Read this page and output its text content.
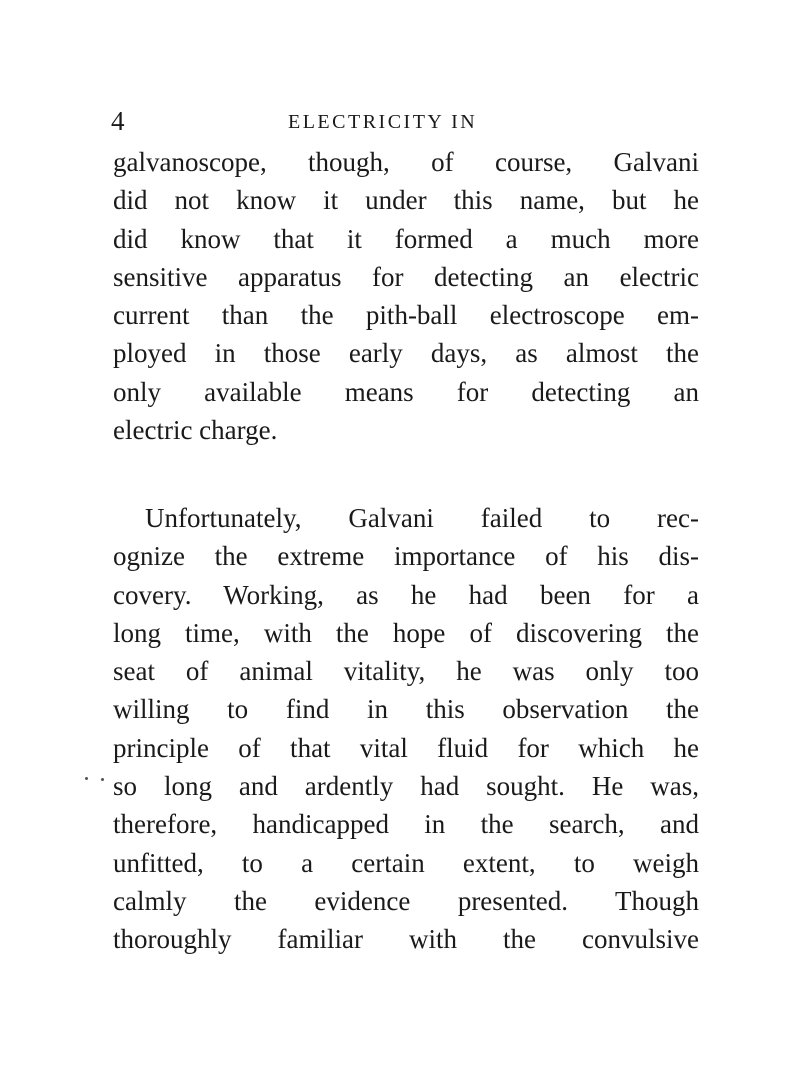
4	ELECTRICITY IN
galvanoscope, though, of course, Galvani
did not know it under this name, but he
did know that it formed a much more
sensitive apparatus for detecting an electric
current than the pith-ball electroscope em-
ployed in those early days, as almost the
only available means for detecting an
electric charge.
Unfortunately, Galvani failed to rec-
ognize the extreme importance of his dis-
covery. Working, as he had been for a
long time, with the hope of discovering the
seat of animal vitality, he was only too
willing to find in this observation the
principle of that vital fluid for which he
so long and ardently had sought. He was,
therefore, handicapped in the search, and
unfitted, to a certain extent, to weigh
calmly the evidence presented. Though
thoroughly familiar with the convulsive
